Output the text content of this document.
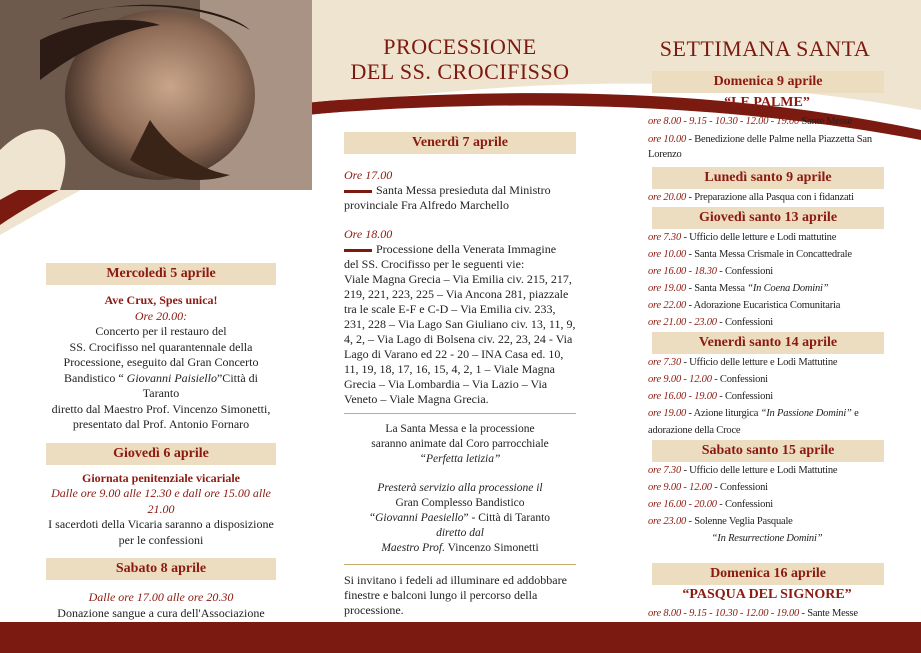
Mercoledì 5 aprile
Ave Crux, Spes unica!
Ore 20.00:
Concerto per il restauro del
SS. Crocifisso nel quarantennale della
Processione, eseguito dal Gran Concerto
Bandistico “ Giovanni Paisiello”Città di Taranto
diretto dal Maestro Prof. Vincenzo Simonetti,
presentato dal Prof. Antonio Fornaro
Giovedì 6 aprile
Giornata penitenziale vicariale
Dalle ore 9.00 alle 12.30 e dall ore 15.00 alle 21.00
I sacerdoti della Vicaria saranno a disposizione
per le confessioni
Sabato 8 aprile
Dalle ore 17.00 alle ore 20.30
Donazione sangue a cura dell'Associazione

PROCESSIONE
DEL SS. CROCIFISSO
Venerdì 7 aprile
Ore 17.00
Santa Messa presieduta dal Ministro
provinciale Fra Alfredo Marchello
Ore 18.00
Processione della Venerata Immagine
del SS. Crocifisso per le seguenti vie:
Viale Magna Grecia – Via Emilia civ. 215, 217,
219, 221, 223, 225 – Via Ancona 281, piazzale
tra le scale E-F e C-D – Via Emilia civ. 233,
231, 228 – Via Lago San Giuliano civ. 13, 11, 9,
4, 2, – Via Lago di Bolsena civ. 22, 23, 24 - Via
Lago di Varano ed 22 - 20 – INA Casa ed. 10,
11, 19, 18, 17, 16, 15, 4, 2, 1 – Viale Magna
Grecia – Via Lombardia – Via Lazio – Via
Veneto – Viale Magna Grecia.

La Santa Messa e la processione
saranno animate dal Coro parrocchiale
“Perfetta letizia”
Presterà servizio alla processione il
Gran Complesso Bandistico
“Giovanni Paesiello” - Città di Taranto
diretto dal
Maestro Prof. Vincenzo Simonetti
Si invitano i fedeli ad illuminare ed addobbare
finestre e balconi lungo il percorso della
processione.
SETTIMANA SANTA
Domenica 9 aprile
“LE PALME”
ore 8.00 - 9.15 - 10.30 - 12.00 - 19.00 Sante Messe
ore 10.00 - Benedizione delle Palme nella Piazzetta San Lorenzo
Lunedì santo 9 aprile
ore 20.00 - Preparazione alla Pasqua con i fidanzati
Giovedì santo 13 aprile
ore 7.30 - Ufficio delle letture e Lodi mattutine
ore 10.00 - Santa Messa Crismale in Concattedrale
ore 16.00 - 18.30 - Confessioni
ore 19.00 - Santa Messa “In Coena Domini”
ore 22.00 - Adorazione Eucaristica Comunitaria
ore 21.00 - 23.00 - Confessioni
Venerdì santo 14 aprile
ore 7.30 - Ufficio delle letture e Lodi Mattutine
ore 9.00 - 12.00 - Confessioni
ore 16.00 - 19.00 - Confessioni
ore 19.00 - Azione liturgica “In Passione Domini” e adorazione della Croce
Sabato santo 15 aprile
ore 7.30 - Ufficio delle letture e Lodi Mattutine
ore 9.00 - 12.00 - Confessioni
ore 16.00 - 20.00 - Confessioni
ore 23.00 - Solenne Veglia Pasquale
“In Resurrectione Domini”
Domenica 16 aprile
“PASQUA DEL SIGNORE”
ore 8.00 - 9.15 - 10.30 - 12.00 - 19.00 - Sante Messe
